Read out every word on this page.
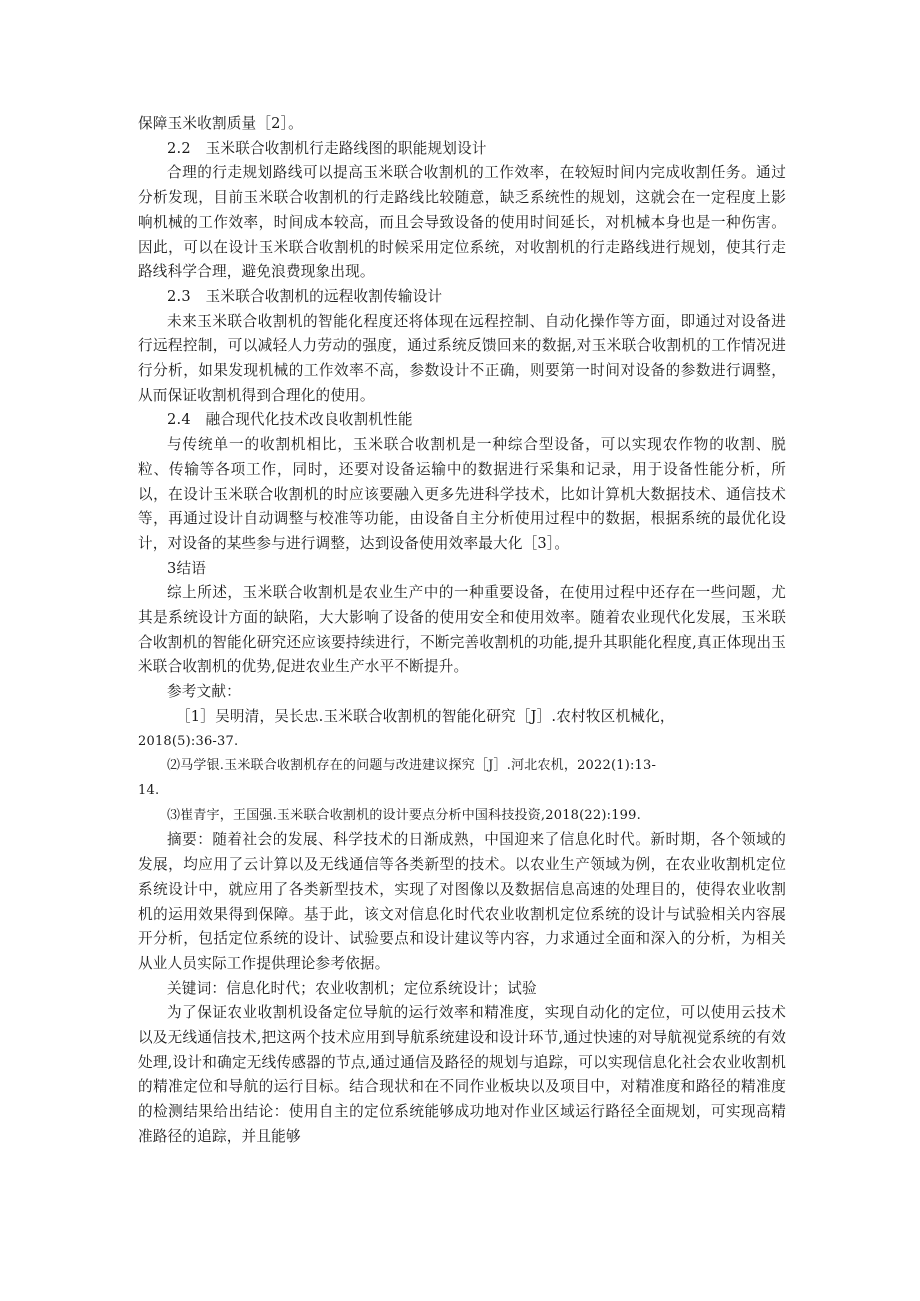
保障玉米收割质量［2］。

2.2　玉米联合收割机行走路线图的职能规划设计

合理的行走规划路线可以提高玉米联合收割机的工作效率，在较短时间内完成收割任务。通过分析发现，目前玉米联合收割机的行走路线比较随意，缺乏系统性的规划，这就会在一定程度上影响机械的工作效率，时间成本较高，而且会导致设备的使用时间延长，对机械本身也是一种伤害。因此，可以在设计玉米联合收割机的时候采用定位系统，对收割机的行走路线进行规划，使其行走路线科学合理，避免浪费现象出现。

2.3　玉米联合收割机的远程收割传输设计

未来玉米联合收割机的智能化程度还将体现在远程控制、自动化操作等方面，即通过对设备进行远程控制，可以减轻人力劳动的强度，通过系统反馈回来的数据,对玉米联合收割机的工作情况进行分析，如果发现机械的工作效率不高，参数设计不正确，则要第一时间对设备的参数进行调整，从而保证收割机得到合理化的使用。

2.4　融合现代化技术改良收割机性能

与传统单一的收割机相比，玉米联合收割机是一种综合型设备，可以实现农作物的收割、脱粒、传输等各项工作，同时，还要对设备运输中的数据进行采集和记录，用于设备性能分析，所以，在设计玉米联合收割机的时应该要融入更多先进科学技术，比如计算机大数据技术、通信技术等，再通过设计自动调整与校准等功能，由设备自主分析使用过程中的数据，根据系统的最优化设计，对设备的某些参与进行调整，达到设备使用效率最大化［3］。

3结语

综上所述，玉米联合收割机是农业生产中的一种重要设备，在使用过程中还存在一些问题，尤其是系统设计方面的缺陷，大大影响了设备的使用安全和使用效率。随着农业现代化发展，玉米联合收割机的智能化研究还应该要持续进行，不断完善收割机的功能,提升其职能化程度,真正体现出玉米联合收割机的优势,促进农业生产水平不断提升。

参考文献：

［1］吴明清，吴长忠.玉米联合收割机的智能化研究［J］.农村牧区机械化，

2018(5):36-37.

⑵马学银.玉米联合收割机存在的问题与改进建议探究［J］.河北农机，2022(1):13-

14.

⑶崔青宇，王国强.玉米联合收割机的设计要点分析中国科技投资,2018(22):199.

摘要：随着社会的发展、科学技术的日渐成熟，中国迎来了信息化时代。新时期，各个领域的发展，均应用了云计算以及无线通信等各类新型的技术。以农业生产领域为例，在农业收割机定位系统设计中，就应用了各类新型技术，实现了对图像以及数据信息高速的处理目的，使得农业收割机的运用效果得到保障。基于此，该文对信息化时代农业收割机定位系统的设计与试验相关内容展开分析，包括定位系统的设计、试验要点和设计建议等内容，力求通过全面和深入的分析，为相关从业人员实际工作提供理论参考依据。

关键词：信息化时代；农业收割机；定位系统设计；试验

为了保证农业收割机设备定位导航的运行效率和精准度，实现自动化的定位，可以使用云技术以及无线通信技术,把这两个技术应用到导航系统建设和设计环节,通过快速的对导航视觉系统的有效处理,设计和确定无线传感器的节点,通过通信及路径的规划与追踪，可以实现信息化社会农业收割机的精准定位和导航的运行目标。结合现状和在不同作业板块以及项目中，对精准度和路径的精准度的检测结果给出结论：使用自主的定位系统能够成功地对作业区域运行路径全面规划，可实现高精准路径的追踪，并且能够
